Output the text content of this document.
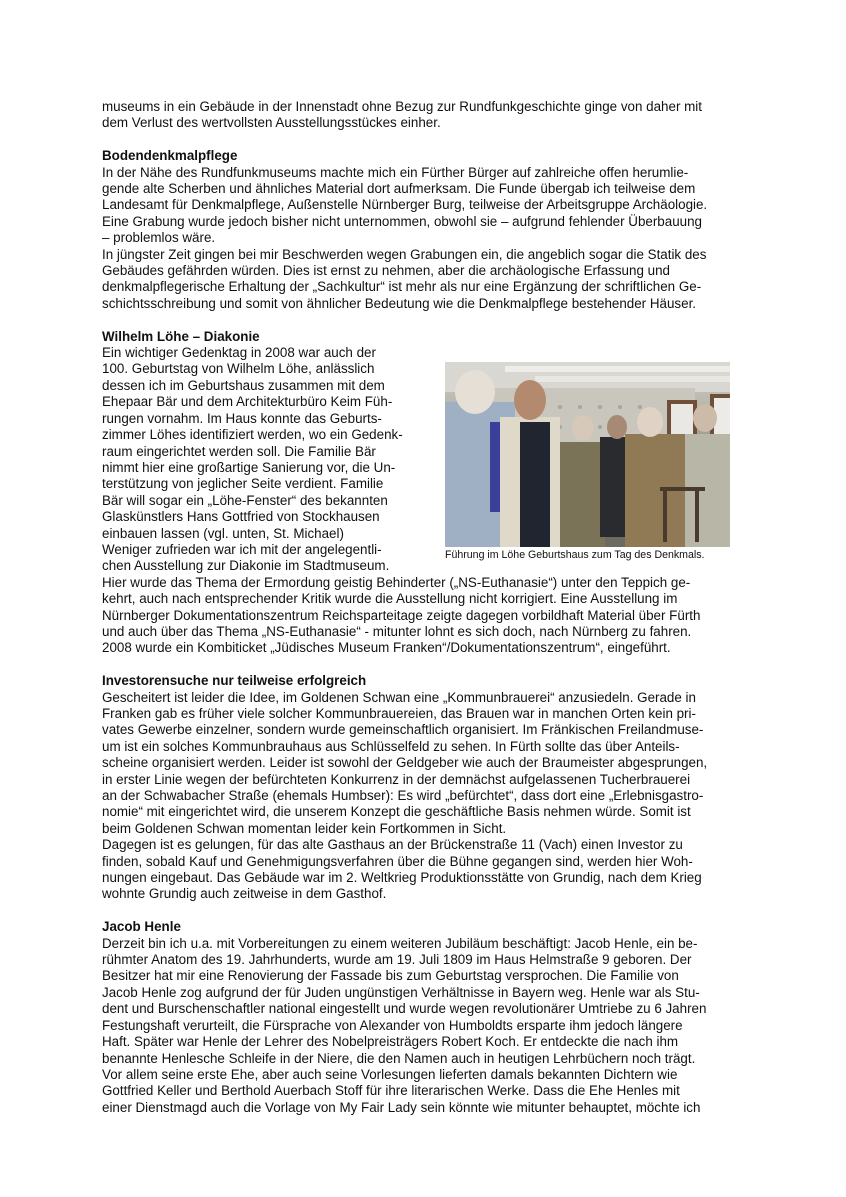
museums in ein Gebäude in der Innenstadt ohne Bezug zur Rundfunkgeschichte ginge von daher mit

dem Verlust des wertvollsten Ausstellungsstückes einher.

Bodendenkmalpflege

In der Nähe des Rundfunkmuseums machte mich ein Fürther Bürger auf zahlreiche offen herumlie-

gende alte Scherben und ähnliches Material dort aufmerksam. Die Funde übergab ich teilweise dem

Landesamt für Denkmalpflege, Außenstelle Nürnberger Burg, teilweise der Arbeitsgruppe Archäologie.

Eine Grabung wurde jedoch bisher nicht unternommen, obwohl sie – aufgrund fehlender Überbauung

– problemlos wäre.

In jüngster Zeit gingen bei mir Beschwerden wegen Grabungen ein, die angeblich sogar die Statik des

Gebäudes gefährden würden. Dies ist ernst zu nehmen, aber die archäologische Erfassung und

denkmalpflegerische Erhaltung der „Sachkultur“ ist mehr als nur eine Ergänzung der schriftlichen Ge-

schichtsschreibung und somit von ähnlicher Bedeutung wie die Denkmalpflege bestehender Häuser.

Wilhelm Löhe – Diakonie

Ein wichtiger Gedenktag in 2008 war auch der

100. Geburtstag von Wilhelm Löhe, anlässlich

dessen ich im Geburtshaus zusammen mit dem

Ehepaar Bär und dem Architekturbüro Keim Füh-

rungen vornahm. Im Haus konnte das Geburts-

zimmer Löhes identifiziert werden, wo ein Gedenk-

raum eingerichtet werden soll. Die Familie Bär

nimmt hier eine großartige Sanierung vor, die Un-

terstützung von jeglicher Seite verdient. Familie

Bär will sogar ein „Löhe-Fenster“ des bekannten

Glaskünstlers Hans Gottfried von Stockhausen

einbauen lassen (vgl. unten, St. Michael)

Weniger zufrieden war ich mit der angelegentli-

chen Ausstellung zur Diakonie im Stadtmuseum.

Hier wurde das Thema der Ermordung geistig Behinderter („NS-Euthanasie“) unter den Teppich ge-

kehrt, auch nach entsprechender Kritik wurde die Ausstellung nicht korrigiert. Eine Ausstellung im

Nürnberger Dokumentationszentrum Reichsparteitage zeigte dagegen vorbildhaft Material über Fürth

und auch über das Thema „NS-Euthanasie“ - mitunter lohnt es sich doch, nach Nürnberg zu fahren.

2008 wurde ein Kombiticket „Jüdisches Museum Franken“/Dokumentationszentrum“, eingeführt.

Investorensuche nur teilweise erfolgreich

Gescheitert ist leider die Idee, im Goldenen Schwan eine „Kommunbrauerei“ anzusiedeln. Gerade in

Franken gab es früher viele solcher Kommunbrauereien, das Brauen war in manchen Orten kein pri-

vates Gewerbe einzelner, sondern wurde gemeinschaftlich organisiert. Im Fränkischen Freilandmuse-

um ist ein solches Kommunbrauhaus aus Schlüsselfeld zu sehen. In Fürth sollte das über Anteils-

scheine organisiert werden. Leider ist sowohl der Geldgeber wie auch der Braumeister abgesprungen,

in erster Linie wegen der befürchteten Konkurrenz in der demnächst aufgelassenen Tucherbrauerei

an der Schwabacher Straße (ehemals Humbser): Es wird „befürchtet“, dass dort eine „Erlebnisgastro-

nomie“ mit eingerichtet wird, die unserem Konzept die geschäftliche Basis nehmen würde. Somit ist

beim Goldenen Schwan momentan leider kein Fortkommen in Sicht.

Dagegen ist es gelungen, für das alte Gasthaus an der Brückenstraße 11 (Vach) einen Investor zu

finden, sobald Kauf und Genehmigungsverfahren über die Bühne gegangen sind, werden hier Woh-

nungen eingebaut. Das Gebäude war im 2. Weltkrieg Produktionsstätte von Grundig, nach dem Krieg

wohnte Grundig auch zeitweise in dem Gasthof.

Jacob Henle

Derzeit bin ich u.a. mit Vorbereitungen zu einem weiteren Jubiläum beschäftigt: Jacob Henle, ein be-

rühmter Anatom des 19. Jahrhunderts, wurde am 19. Juli 1809 im Haus Helmstraße 9 geboren. Der

Besitzer hat mir eine Renovierung der Fassade bis zum Geburtstag versprochen. Die Familie von

Jacob Henle zog aufgrund der für Juden ungünstigen Verhältnisse in Bayern weg. Henle war als Stu-

dent und Burschenschaftler national eingestellt und wurde wegen revolutionärer Umtriebe zu 6 Jahren

Festungshaft verurteilt, die Fürsprache von Alexander von Humboldts ersparte ihm jedoch längere

Haft. Später war Henle der Lehrer des Nobelpreisträgers Robert Koch. Er entdeckte die nach ihm

benannte Henlesche Schleife in der Niere, die den Namen auch in heutigen Lehrbüchern noch trägt.

Vor allem seine erste Ehe, aber auch seine Vorlesungen lieferten damals bekannten Dichtern wie

Gottfried Keller und Berthold Auerbach Stoff für ihre literarischen Werke. Dass die Ehe Henles mit

einer Dienstmagd auch die Vorlage von My Fair Lady sein könnte wie mitunter behauptet, möchte ich

Führung im Löhe Geburtshaus zum Tag des Denkmals.
